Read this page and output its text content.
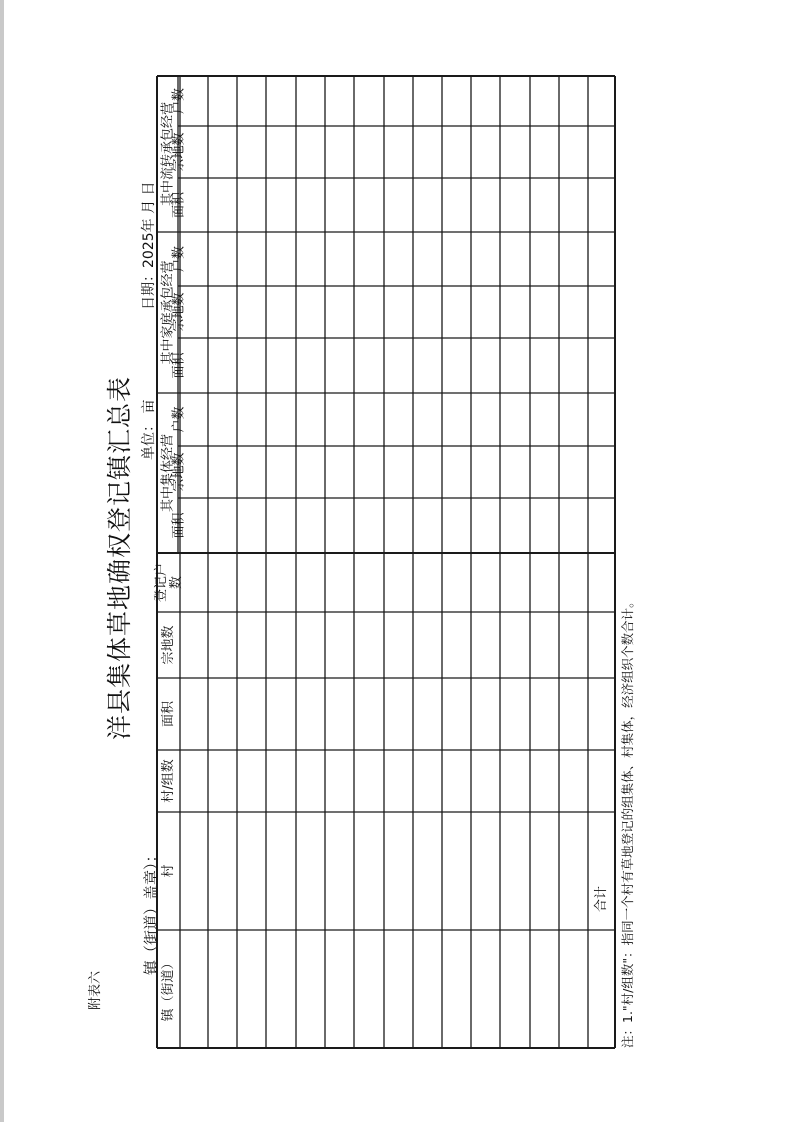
附表六
洋县集体草地确权登记镇汇总表
镇（街道）盖章）：
单位： 亩
日期：2025年 月 日
注：1."村/组数"：指同一个村有草地登记的组集体、村集体，经济组织个数合计。
镇（街道）
村
村/组数
面积
宗地数
登记户 数
其中集体经营
面积
宗地数
户数
其中家庭承包经营
面积
宗地数
户数
其中流转承包经营
面积
宗地数
户数
合计
